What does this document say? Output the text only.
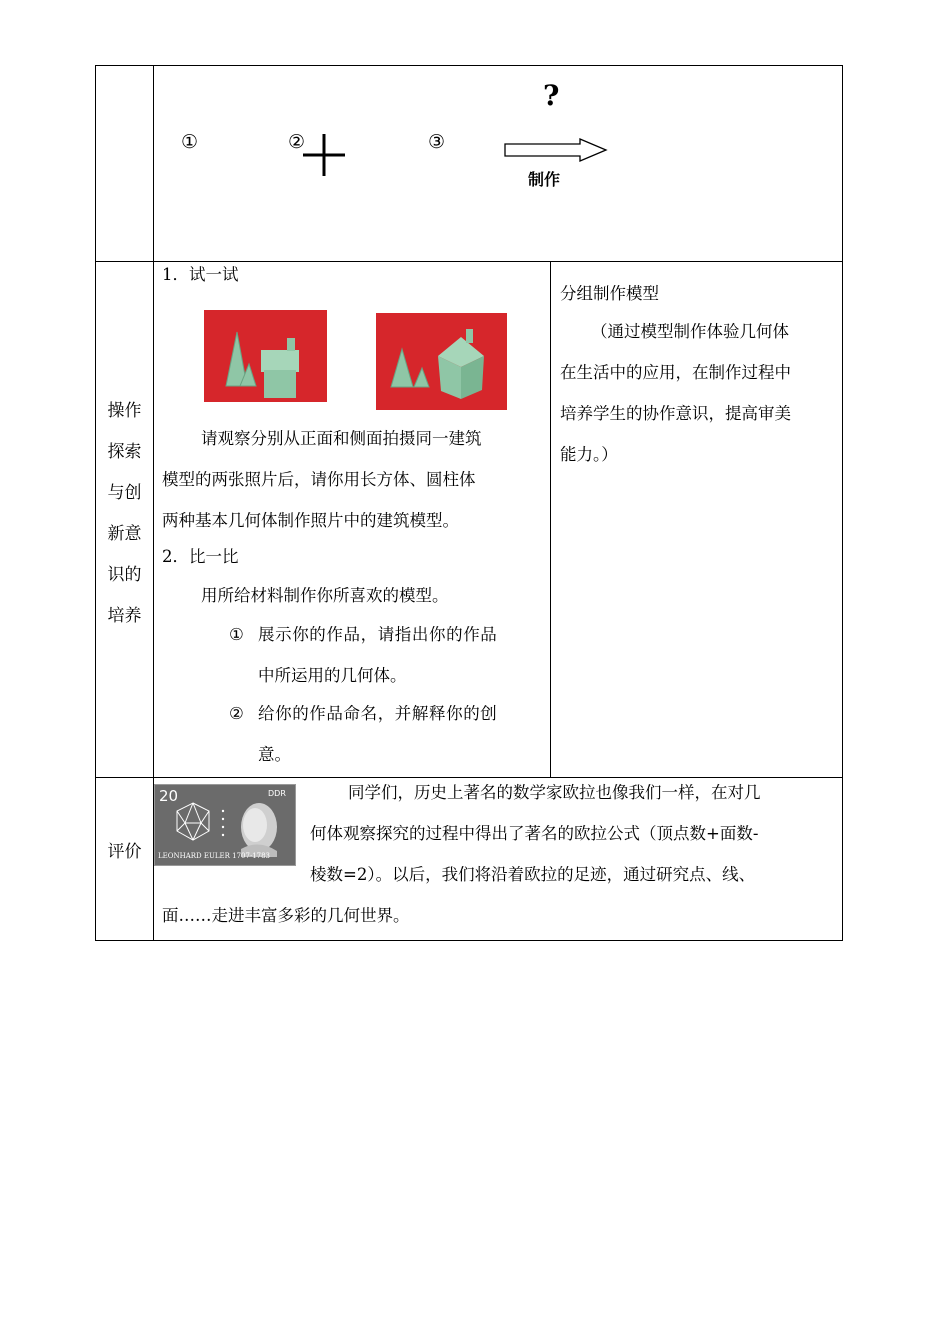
①	②	③
?
制作
操作
探索
与创
新意
识的
培养
1．试一试
请观察分别从正面和侧面拍摄同一建筑
模型的两张照片后，请你用长方体、圆柱体
两种基本几何体制作照片中的建筑模型。
2．比一比
用所给材料制作你所喜欢的模型。
① 展示你的作品，请指出你的作品
中所运用的几何体。
② 给你的作品命名，并解释你的创
意。
分组制作模型
（通过模型制作体验几何体
在生活中的应用，在制作过程中
培养学生的协作意识，提高审美
能力。）
评价
20	DDR
LEONHARD EULER 1707·1783
同学们，历史上著名的数学家欧拉也像我们一样，在对几
何体观察探究的过程中得出了著名的欧拉公式（顶点数+面数-
棱数=2）。以后，我们将沿着欧拉的足迹，通过研究点、线、
面……走进丰富多彩的几何世界。
